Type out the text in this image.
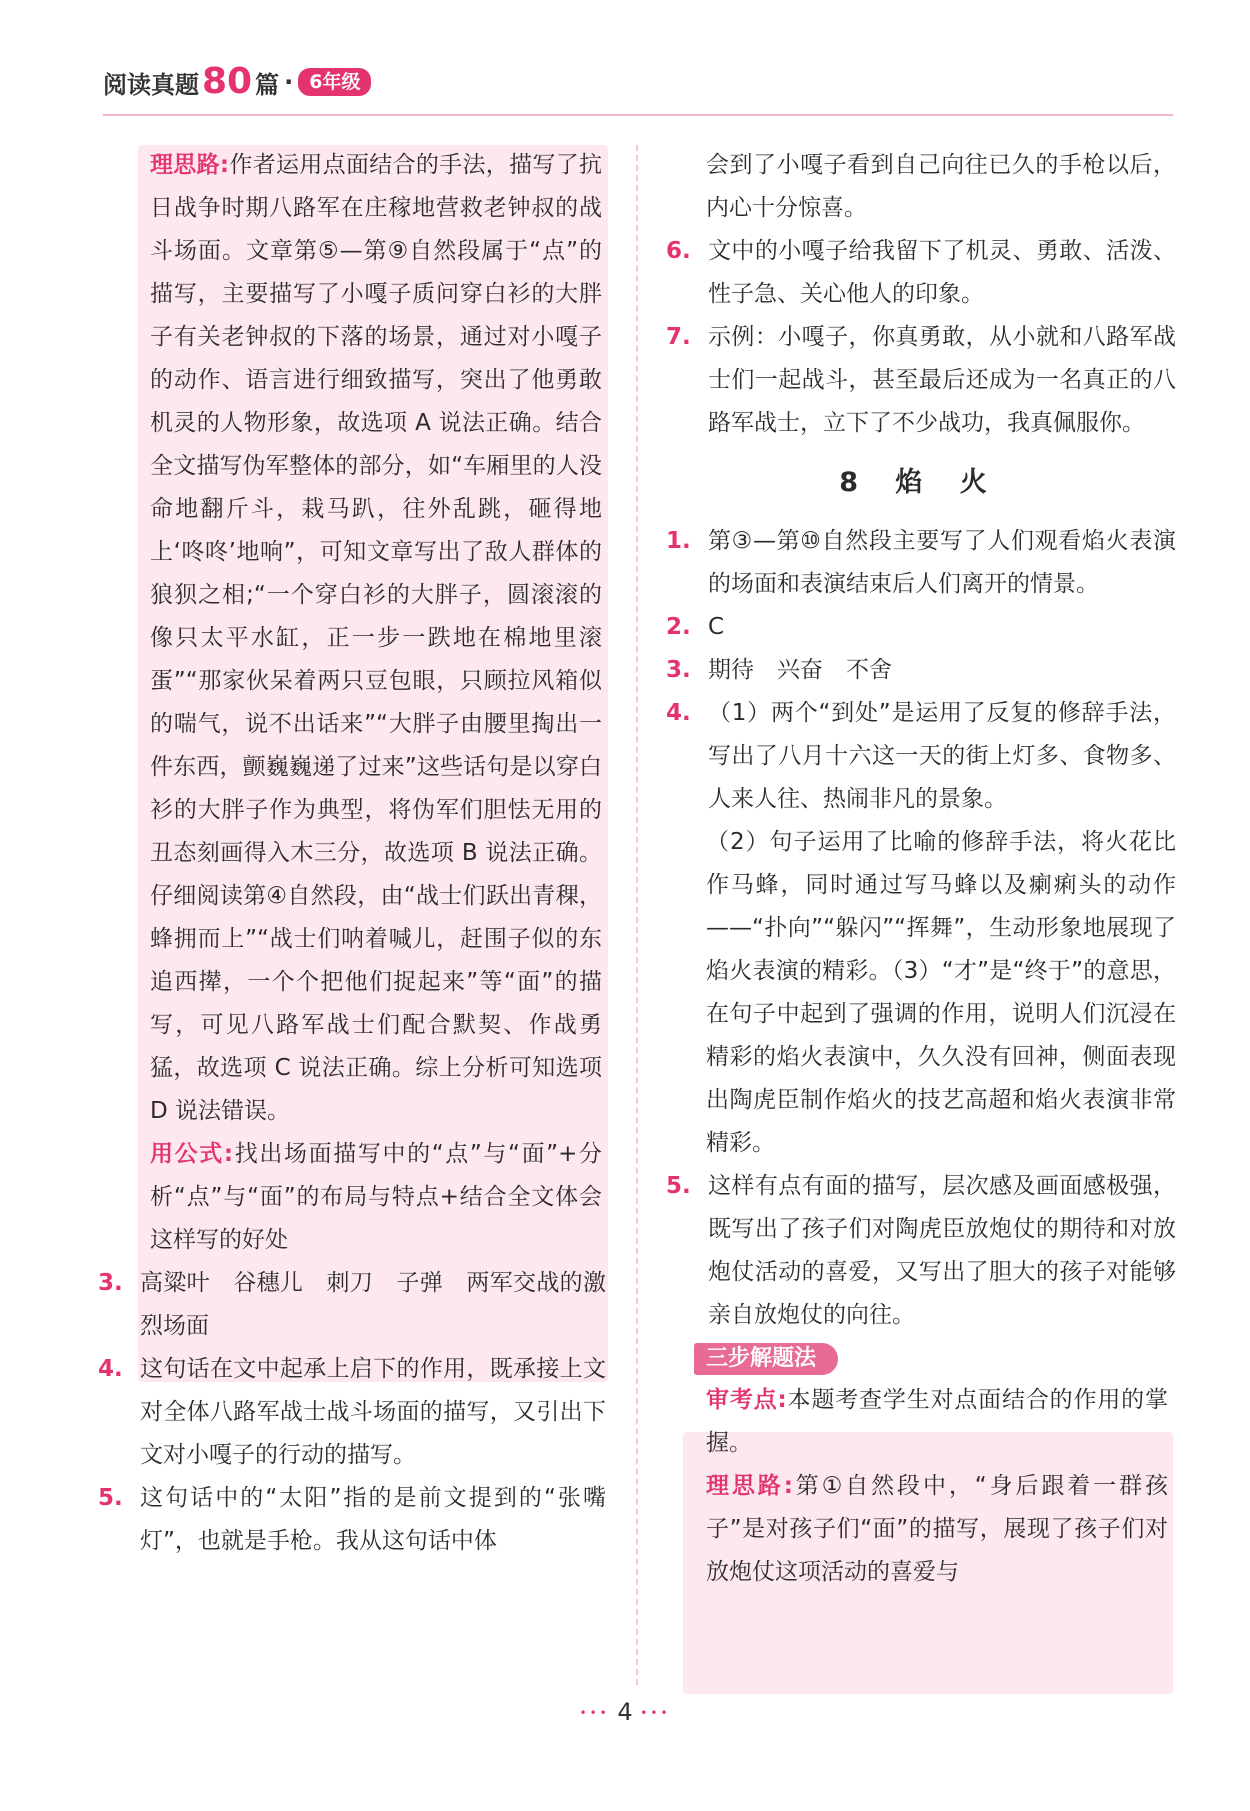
阅读真题 80 篇 · 6年级
理思路:作者运用点面结合的手法，描写了抗日战争时期八路军在庄稼地营救老钟叔的战斗场面。文章第⑤—第⑨自然段属于“点”的描写，主要描写了小嘎子质问穿白衫的大胖子有关老钟叔的下落的场景，通过对小嘎子的动作、语言进行细致描写，突出了他勇敢机灵的人物形象，故选项 A 说法正确。结合全文描写伪军整体的部分，如“车厢里的人没命地翻斤斗，栽马趴，往外乱跳，砸得地上‘咚咚’地响”，可知文章写出了敌人群体的狼狈之相;“一个穿白衫的大胖子，圆滚滚的像只太平水缸，正一步一跌地在棉地里滚蛋”“那家伙呆着两只豆包眼，只顾拉风箱似的喘气，说不出话来”“大胖子由腰里掏出一件东西，颤巍巍递了过来”这些话句是以穿白衫的大胖子作为典型，将伪军们胆怯无用的丑态刻画得入木三分，故选项 B 说法正确。仔细阅读第④自然段，由“战士们跃出青稞，蜂拥而上”“战士们呐着喊儿，赶围子似的东追西撵，一个个把他们捉起来”等“面”的描写，可见八路军战士们配合默契、作战勇猛，故选项 C 说法正确。综上分析可知选项 D 说法错误。
用公式:找出场面描写中的“点”与“面”+分析“点”与“面”的布局与特点+结合全文体会这样写的好处
3. 高粱叶　谷穗儿　刺刀　子弹　两军交战的激烈场面
4. 这句话在文中起承上启下的作用，既承接上文对全体八路军战士战斗场面的描写，又引出下文对小嘎子的行动的描写。
5. 这句话中的“太阳”指的是前文提到的“张嘴灯”，也就是手枪。我从这句话中体
会到了小嘎子看到自己向往已久的手枪以后，内心十分惊喜。
6. 文中的小嘎子给我留下了机灵、勇敢、活泼、性子急、关心他人的印象。
7. 示例：小嘎子，你真勇敢，从小就和八路军战士们一起战斗，甚至最后还成为一名真正的八路军战士，立下了不少战功，我真佩服你。
8 焰 火
1. 第③—第⑩自然段主要写了人们观看焰火表演的场面和表演结束后人们离开的情景。
2. C
3. 期待　兴奋　不舍
4. （1）两个“到处”是运用了反复的修辞手法，写出了八月十六这一天的街上灯多、食物多、人来人往、热闹非凡的景象。
（2）句子运用了比喻的修辞手法，将火花比作马蜂，同时通过写马蜂以及瘌痢头的动作——“扑向”“躲闪”“挥舞”，生动形象地展现了焰火表演的精彩。（3）“才”是“终于”的意思，在句子中起到了强调的作用，说明人们沉浸在精彩的焰火表演中，久久没有回神，侧面表现出陶虎臣制作焰火的技艺高超和焰火表演非常精彩。
5. 这样有点有面的描写，层次感及画面感极强，既写出了孩子们对陶虎臣放炮仗的期待和对放炮仗活动的喜爱，又写出了胆大的孩子对能够亲自放炮仗的向往。
三步解题法
审考点:本题考查学生对点面结合的作用的掌握。
理思路:第①自然段中，“身后跟着一群孩子”是对孩子们“面”的描写，展现了孩子们对放炮仗这项活动的喜爱与
••• 4 •••
